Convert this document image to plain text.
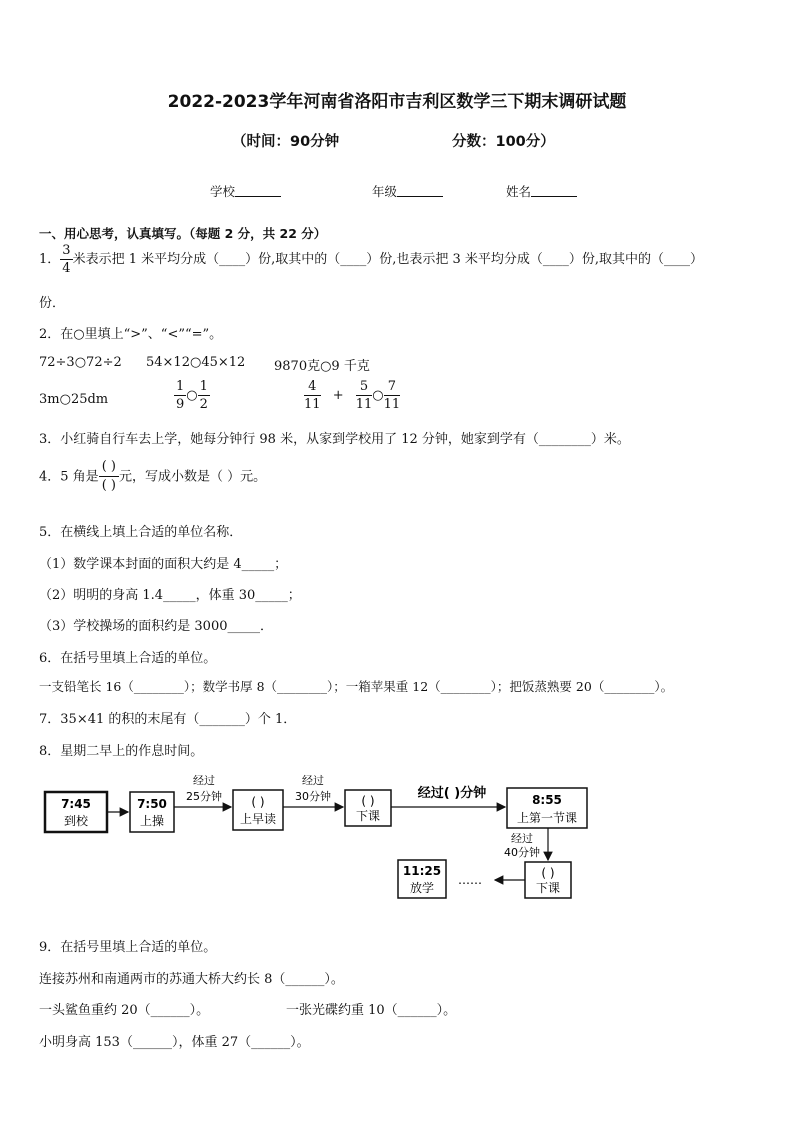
2022-2023学年河南省洛阳市吉利区数学三下期末调研试题
（时间：90分钟	分数：100分）
学校	年级	姓名
一、用心思考，认真填写。（每题 2 分，共 22 分）
1． $\frac{3}{4}$ 米表示把 1 米平均分成（____）份,取其中的（____）份,也表示把 3 米平均分成（____）份,取其中的（____）
份．
2．在○里填上“>”、“<”“=”。
72÷3○72÷2 54×12○45×12 9870克○9 千克
3m○25dm	$\frac{1}{9}$ ○ $\frac{1}{2}$	$\frac{4}{11} + \frac{5}{11}$ ○ $\frac{7}{11}$
3．小红骑自行车去上学，她每分钟行 98 米，从家到学校用了 12 分钟，她家到学有（________）米。
4．5 角是 $\frac{( )}{( )}$ 元，写成小数是（ ）元。
5．在横线上填上合适的单位名称．
（1）数学课本封面的面积大约是 4_____；
（2）明明的身高 1.4_____，体重 30_____；
（3）学校操场的面积约是 3000_____．
6．在括号里填上合适的单位。
一支铅笔长 16（________）；数学书厚 8（________）；一箱苹果重 12（________）；把饭蒸熟要 20（________）。
7．35×41 的积的末尾有（_______）个 1．
8．星期二早上的作息时间。
7:45
到校
7:50
上操
经过
25分钟 ( )
上早读
经过
30分钟	( )
下课
经过( )分钟	8:55
上第一节课
经过
40分钟
( )
下课
……
11:25
放学
9．在括号里填上合适的单位。
连接苏州和南通两市的苏通大桥大约长 8（______）。
一头鲨鱼重约 20（______）。	一张光碟约重 10（______）。
小明身高 153（______），体重 27（______）。
